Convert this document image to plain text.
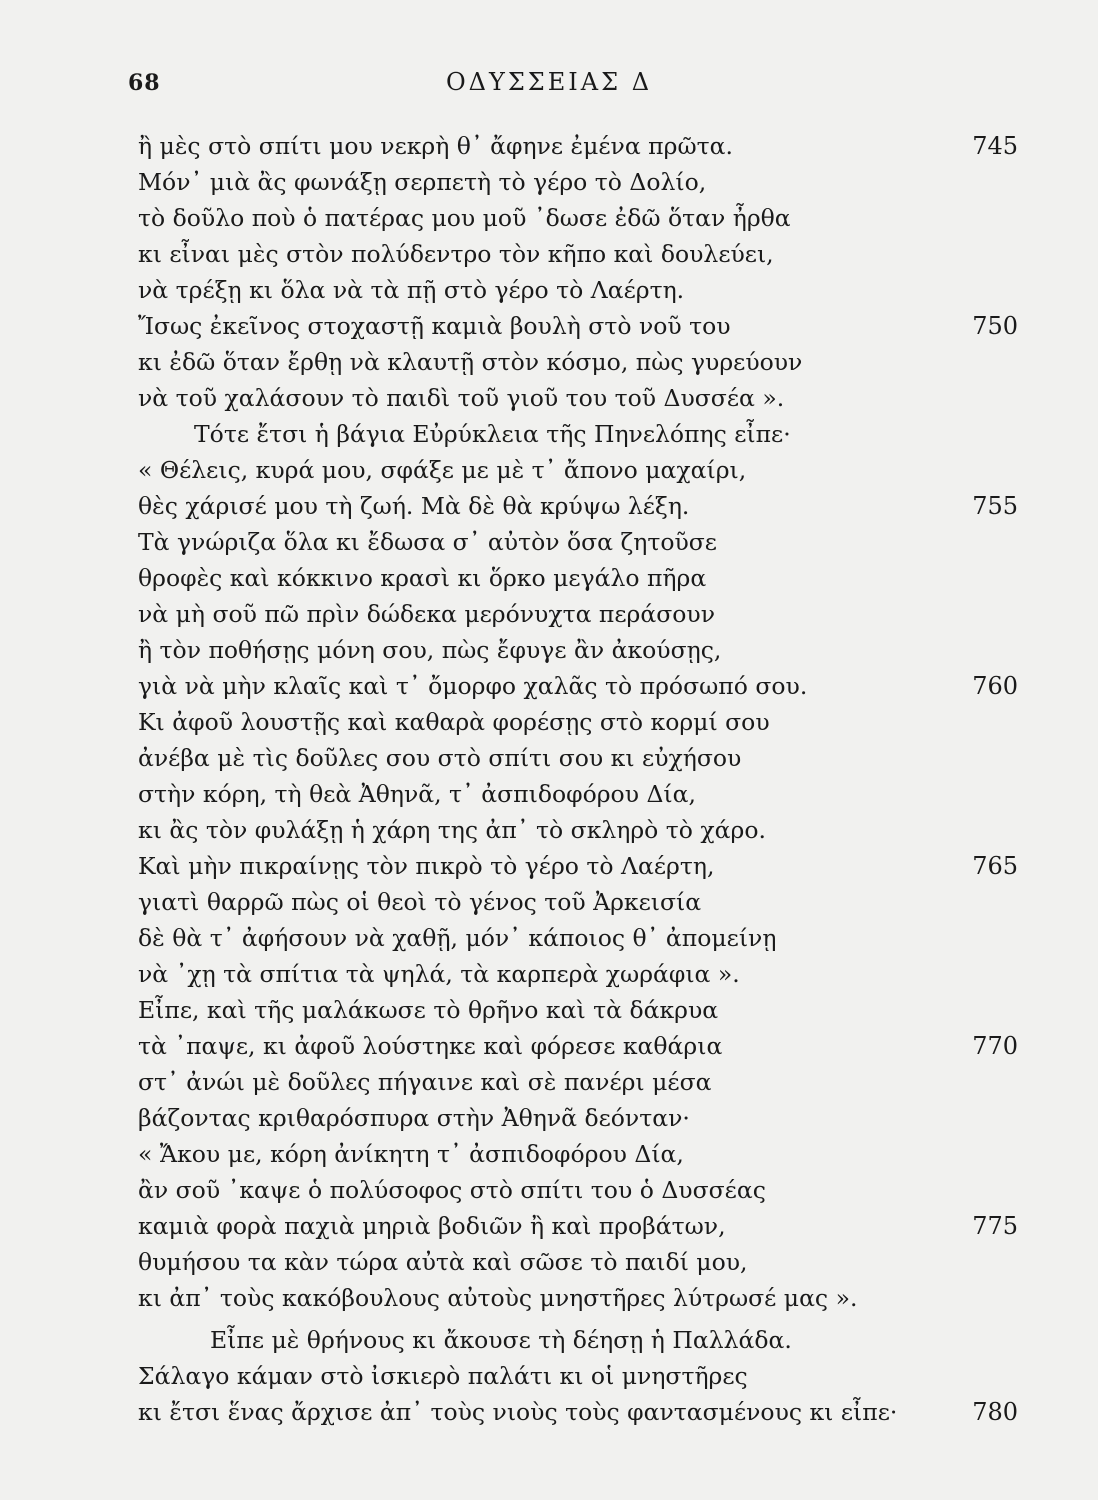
68	ΟΔΥΣΣΕΙΑΣ Δ
ἢ μὲς στὸ σπίτι μου νεκρὴ θ᾽ ἄφηνε ἐμένα πρῶτα.	745
Μόν᾽ μιὰ ἂς φωνάξῃ σερπετὴ τὸ γέρο τὸ Δολίο,
τὸ δοῦλο ποὺ ὁ πατέρας μου μοῦ ᾽δωσε ἐδῶ ὅταν ἦρθα
κι εἶναι μὲς στὸν πολύδεντρο τὸν κῆπο καὶ δουλεύει,
νὰ τρέξῃ κι ὅλα νὰ τὰ πῇ στὸ γέρο τὸ Λαέρτη.
Ἴσως ἐκεῖνος στοχαστῇ καμιὰ βουλὴ στὸ νοῦ του	750
κι ἐδῶ ὅταν ἔρθῃ νὰ κλαυτῇ στὸν κόσμο, πὼς γυρεύουν
νὰ τοῦ χαλάσουν τὸ παιδὶ τοῦ γιοῦ του τοῦ Δυσσέα ».
Τότε ἔτσι ἡ βάγια Εὐρύκλεια τῆς Πηνελόπης εἶπε·
« Θέλεις, κυρά μου, σφάξε με μὲ τ᾽ ἄπονο μαχαίρι,
θὲς χάρισέ μου τὴ ζωή. Μὰ δὲ θὰ κρύψω λέξη.	755
Τὰ γνώριζα ὅλα κι ἔδωσα σ᾽ αὐτὸν ὅσα ζητοῦσε
θροφὲς καὶ κόκκινο κρασὶ κι ὅρκο μεγάλο πῆρα
νὰ μὴ σοῦ πῶ πρὶν δώδεκα μερόνυχτα περάσουν
ἢ τὸν ποθήσῃς μόνη σου, πὼς ἔφυγε ἂν ἀκούσῃς,
γιὰ νὰ μὴν κλαῖς καὶ τ᾽ ὄμορφο χαλᾶς τὸ πρόσωπό σου.	760
Κι ἀφοῦ λουστῇς καὶ καθαρὰ φορέσῃς στὸ κορμί σου
ἀνέβα μὲ τὶς δοῦλες σου στὸ σπίτι σου κι εὐχήσου
στὴν κόρη, τὴ θεὰ Ἀθηνᾶ, τ᾽ ἀσπιδοφόρου Δία,
κι ἂς τὸν φυλάξῃ ἡ χάρη της ἀπ᾽ τὸ σκληρὸ τὸ χάρο.
Καὶ μὴν πικραίνῃς τὸν πικρὸ τὸ γέρο τὸ Λαέρτη,	765
γιατὶ θαρρῶ πὼς οἱ θεοὶ τὸ γένος τοῦ Ἀρκεισία
δὲ θὰ τ᾽ ἀφήσουν νὰ χαθῇ, μόν᾽ κάποιος θ᾽ ἀπομείνῃ
νὰ ᾽χῃ τὰ σπίτια τὰ ψηλά, τὰ καρπερὰ χωράφια ».
Εἶπε, καὶ τῆς μαλάκωσε τὸ θρῆνο καὶ τὰ δάκρυα
τὰ ᾽παψε, κι ἀφοῦ λούστηκε καὶ φόρεσε καθάρια	770
στ᾽ ἀνώι μὲ δοῦλες πήγαινε καὶ σὲ πανέρι μέσα
βάζοντας κριθαρόσπυρα στὴν Ἀθηνᾶ δεόνταν·
« Ἄκου με, κόρη ἀνίκητη τ᾽ ἀσπιδοφόρου Δία,
ἂν σοῦ ᾽καψε ὁ πολύσοφος στὸ σπίτι του ὁ Δυσσέας
καμιὰ φορὰ παχιὰ μηριὰ βοδιῶν ἢ καὶ προβάτων,	775
θυμήσου τα κὰν τώρα αὐτὰ καὶ σῶσε τὸ παιδί μου,
κι ἀπ᾽ τοὺς κακόβουλους αὐτοὺς μνηστῆρες λύτρωσέ μας ».
Εἶπε μὲ θρήνους κι ἄκουσε τὴ δέησῃ ἡ Παλλάδα.
Σάλαγο κάμαν στὸ ἰσκιερὸ παλάτι κι οἱ μνηστῆρες
κι ἔτσι ἕνας ἄρχισε ἀπ᾽ τοὺς νιοὺς τοὺς φαντασμένους κι εἶπε·	780
